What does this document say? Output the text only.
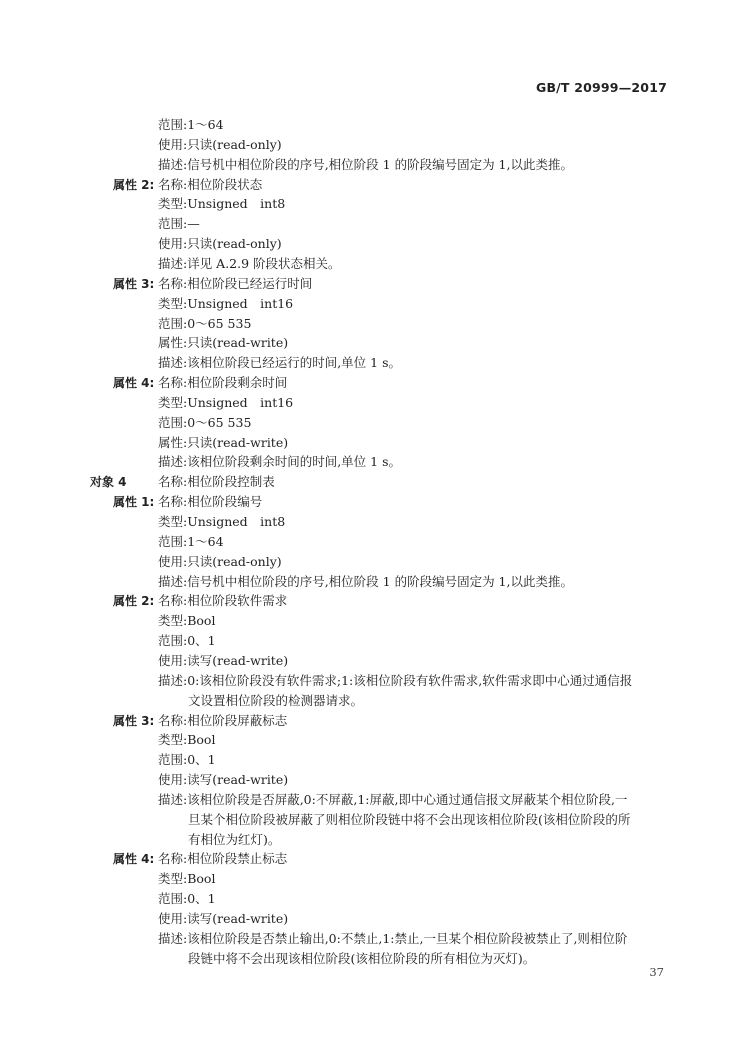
GB/T 20999—2017
范围:1～64
使用:只读(read-only)
描述:信号机中相位阶段的序号,相位阶段 1 的阶段编号固定为 1,以此类推。
属性 2: 名称:相位阶段状态
类型:Unsigned　int8
范围:—
使用:只读(read-only)
描述:详见 A.2.9 阶段状态相关。
属性 3: 名称:相位阶段已经运行时间
类型:Unsigned　int16
范围:0～65 535
属性:只读(read-write)
描述:该相位阶段已经运行的时间,单位 1 s。
属性 4: 名称:相位阶段剩余时间
类型:Unsigned　int16
范围:0～65 535
属性:只读(read-write)
描述:该相位阶段剩余时间的时间,单位 1 s。
对象 4	名称:相位阶段控制表
属性 1: 名称:相位阶段编号
类型:Unsigned　int8
范围:1～64
使用:只读(read-only)
描述:信号机中相位阶段的序号,相位阶段 1 的阶段编号固定为 1,以此类推。
属性 2: 名称:相位阶段软件需求
类型:Bool
范围:0、1
使用:读写(read-write)
描述:0:该相位阶段没有软件需求;1:该相位阶段有软件需求,软件需求即中心通过通信报
文设置相位阶段的检测器请求。
属性 3: 名称:相位阶段屏蔽标志
类型:Bool
范围:0、1
使用:读写(read-write)
描述:该相位阶段是否屏蔽,0:不屏蔽,1:屏蔽,即中心通过通信报文屏蔽某个相位阶段,一
旦某个相位阶段被屏蔽了则相位阶段链中将不会出现该相位阶段(该相位阶段的所
有相位为红灯)。
属性 4: 名称:相位阶段禁止标志
类型:Bool
范围:0、1
使用:读写(read-write)
描述:该相位阶段是否禁止输出,0:不禁止,1:禁止,一旦某个相位阶段被禁止了,则相位阶
段链中将不会出现该相位阶段(该相位阶段的所有相位为灭灯)。
37
